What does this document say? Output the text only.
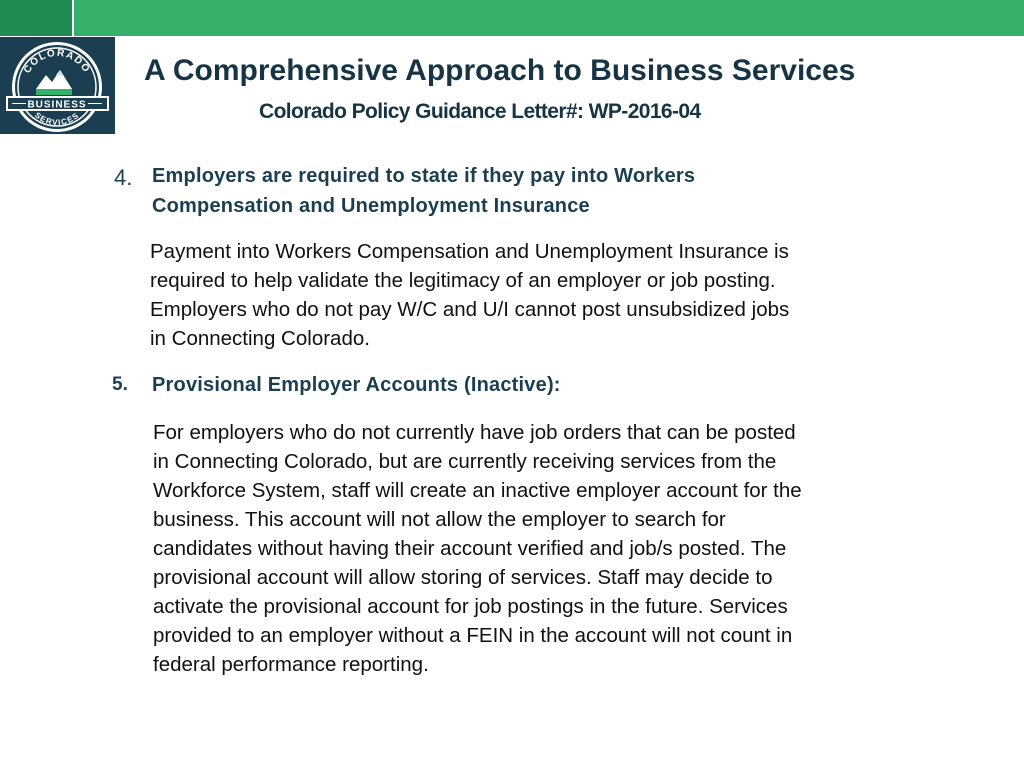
COLORADO
BUSINESS
SERVICES
A Comprehensive Approach to Business Services
Colorado Policy Guidance Letter#: WP-2016-04
4. Employers are required to state if they pay into Workers
Compensation and Unemployment Insurance
Payment into Workers Compensation and Unemployment Insurance is
required to help validate the legitimacy of an employer or job posting.
Employers who do not pay W/C and U/I cannot post unsubsidized jobs
in Connecting Colorado.
5. Provisional Employer Accounts (Inactive):
For employers who do not currently have job orders that can be posted
in Connecting Colorado, but are currently receiving services from the
Workforce System, staff will create an inactive employer account for the
business. This account will not allow the employer to search for
candidates without having their account verified and job/s posted. The
provisional account will allow storing of services. Staff may decide to
activate the provisional account for job postings in the future. Services
provided to an employer without a FEIN in the account will not count in
federal performance reporting.
